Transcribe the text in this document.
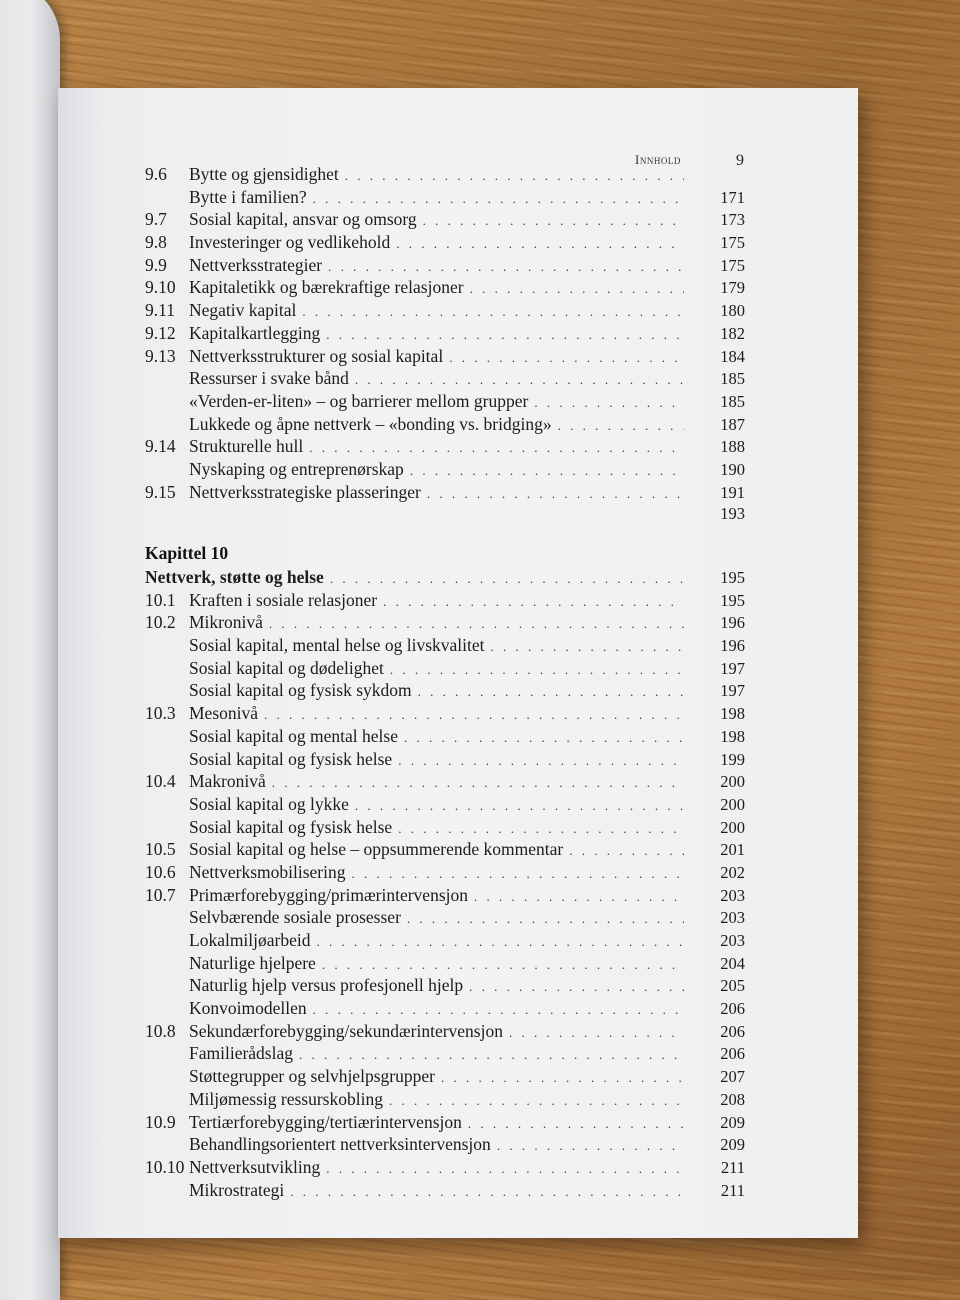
Innhold	9
9.6	Bytte og gjensidighet
. . .
Bytte i familien? . . .	171
9.7	Sosial kapital, ansvar og omsorg . . .	173
9.8	Investeringer og vedlikehold . . .	175
9.9	Nettverksstrategier . . .	175
9.10 Kapitaletikk og bærekraftige relasjoner . . .	179
9.11 Negativ kapital . . .	180
9.12 Kapitalkartlegging . . .	182
9.13 Nettverksstrukturer og sosial kapital . . .	184
Ressurser i svake bånd . . .	185
«Verden-er-liten» – og barrierer mellom grupper . . .	185
Lukkede og åpne nettverk – «bonding vs. bridging» . . .	187
9.14 Strukturelle hull . . .	188
Nyskaping og entreprenørskap . . .	190
9.15 Nettverksstrategiske plasseringer . . .	191
193
Kapittel 10
Nettverk, støtte og helse . . .	195
10.1 Kraften i sosiale relasjoner . . .	195
10.2 Mikronivå . . .	196
Sosial kapital, mental helse og livskvalitet . . .	196
Sosial kapital og dødelighet . . .	197
Sosial kapital og fysisk sykdom . . .	197
10.3 Mesonivå . . .	198
Sosial kapital og mental helse . . .	198
Sosial kapital og fysisk helse . . .	199
10.4 Makronivå . . .	200
Sosial kapital og lykke . . .	200
Sosial kapital og fysisk helse . . .	200
10.5 Sosial kapital og helse – oppsummerende kommentar . . .	201
10.6 Nettverksmobilisering . . .	202
10.7 Primærforebygging/primærintervensjon . . .	203
Selvbærende sosiale prosesser . . .	203
Lokalmiljøarbeid . . .	203
Naturlige hjelpere . . .	204
Naturlig hjelp versus profesjonell hjelp . . .	205
Konvoimodellen . . .	206
10.8 Sekundærforebygging/sekundærintervensjon . . .	206
Familierådslag . . .	206
Støttegrupper og selvhjelpsgrupper . . .	207
Miljømessig ressurskobling . . .	208
10.9 Tertiærforebygging/tertiærintervensjon . . .	209
Behandlingsorientert nettverksintervensjon . . .	209
10.10 Nettverksutvikling . . .	211
Mikrostrategi . . .	211
